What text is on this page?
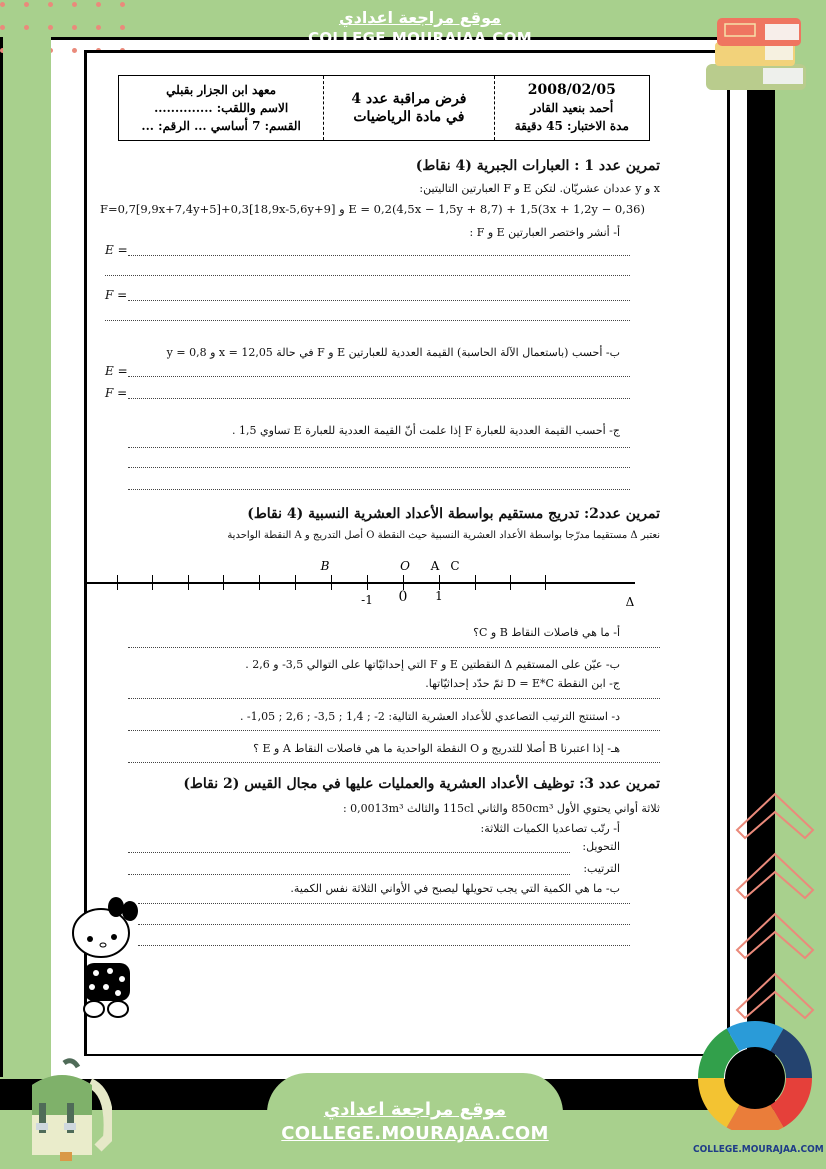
موقع مراجعة اعدادي
COLLEGE.MOURAJAA.COM
2008/02/05
أحمد بنعيد القادر
مدة الاختبار: 45 دقيقة
فرض مراقبة عدد 4
في مادة الرياضيات
معهد ابن الجزار بقبلي
الاسم واللقب: ..............
القسم: 7 أساسي ... الرقم: ...
تمرين عدد 1 : العبارات الجبرية (4 نقاط)
x و y عددان عشريّان. لتكن E و F العبارتين التاليتين:
F=0,7[9,9x+7,4y+5]+0,3[18,9x-5,6y+9] و E = 0,2(4,5x − 1,5y + 8,7) + 1,5(3x + 1,2y − 0,36)
أ- أنشر واختصر العبارتين E و F :
E =
F =
ب- أحسب (باستعمال الآلة الحاسبة) القيمة العددية للعبارتين E و F في حالة x = 12,05 و y = 0,8
E =
F =
ج- أحسب القيمة العددية للعبارة F إذا علمت أنّ القيمة العددية للعبارة E تساوي 1,5 .
تمرين عدد2: تدريج مستقيم بواسطة الأعداد العشرية النسبية (4 نقاط)
نعتبر Δ مستقيما مدرّجا بواسطة الأعداد العشرية النسبية حيث النقطة O أصل التدريج و A النقطة الواحدية
أ- ما هي فاصلات النقاط B و C؟
ب- عيّن على المستقيم Δ النقطتين E و F التي إحداثيّاتها على التوالي 3,5- و 2,6 .
ج- ابن النقطة D = E*C ثمّ حدّد إحداثيّاتها.
د- استنتج الترتيب التصاعدي للأعداد العشرية التالية: 2- ; 1,4 ; 3,5- ; 2,6 ; 1,05- .
هـ- إذا اعتبرنا B أصلا للتدريج و O النقطة الواحدية ما هي فاصلات النقاط A و E ؟
تمرين عدد 3: توظيف الأعداد العشرية والعمليات عليها في مجال القيس (2 نقاط)
ثلاثة أواني يحتوي الأول 850cm³ والثاني 115cl والثالث 0,0013m³ :
أ- رتّب تصاعديا الكميات الثلاثة:
التحويل:
الترتيب:
ب- ما هي الكمية التي يجب تحويلها ليصبح في الأواني الثلاثة نفس الكمية.
B	O A C
-1 0 1	Δ
COLLEGE.MOURAJAA.COM
موقع مراجعة اعدادي
COLLEGE.MOURAJAA.COM
